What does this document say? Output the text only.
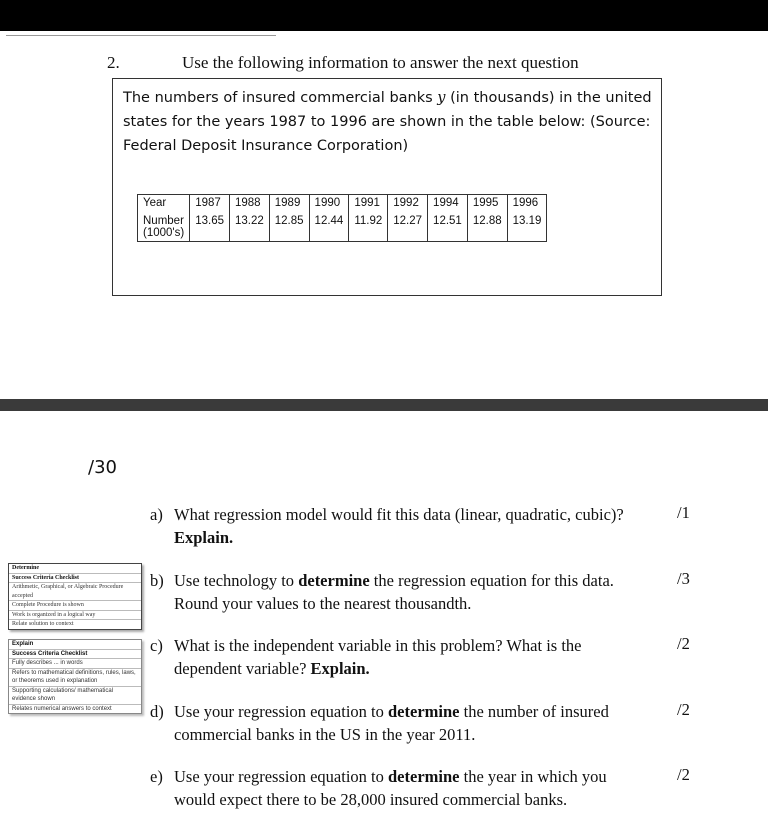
2.	Use the following information to answer the next question
The numbers of insured commercial banks y (in thousands) in the united states for the years 1987 to 1996 are shown in the table below: (Source: Federal Deposit Insurance Corporation)
Year	1987	1988	1989	1990	1991	1992	1994	1995	1996
Number
(1000's)	13.65	13.22	12.85	12.44	11.92	12.27	12.51	12.88	13.19
/30
a) What regression model would fit this data (linear, quadratic, cubic)? Explain.
/1
b) Use technology to determine the regression equation for this data. Round your values to the nearest thousandth.
/3
c) What is the independent variable in this problem? What is the dependent variable? Explain.
/2
d) Use your regression equation to determine the number of insured commercial banks in the US in the year 2011.
/2
e) Use your regression equation to determine the year in which you would expect there to be 28,000 insured commercial banks.
/2
Determine
Success Criteria Checklist
Arithmetic, Graphical, or Algebraic Procedure accepted
Complete Procedure is shown
Work is organized in a logical way
Relate solution to context
Explain
Success Criteria Checklist
Fully describes ... in words
Refers to mathematical definitions, rules, laws, or theorems used in explanation
Supporting calculations/ mathematical evidence shown
Relates numerical answers to context
